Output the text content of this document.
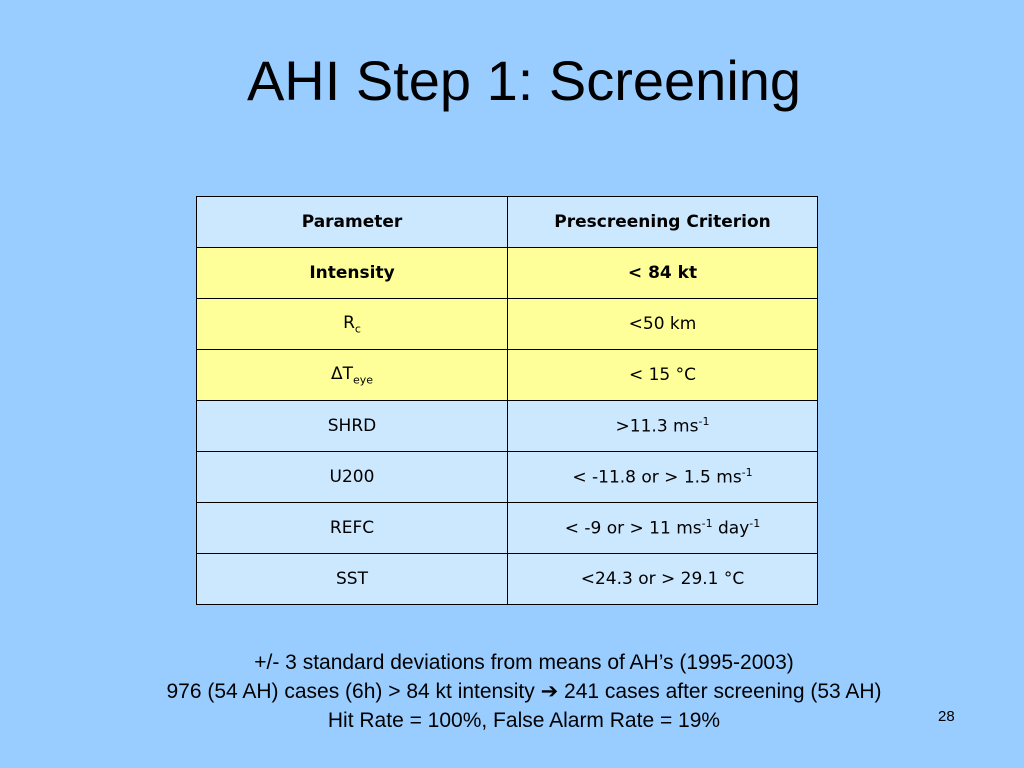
AHI Step 1: Screening
Parameter	Prescreening Criterion
Intensity	< 84 kt
$R_c$	<50 km
$\Delta T_{eye}$	< 15 °C
SHRD	>11.3 $ms^{-1}$
U200	< -11.8 or > 1.5 $ms^{-1}$
REFC	< -9 or > 11 $ms^{-1}$ day$^{-1}$
SST	<24.3 or > 29.1 °C
+/- 3 standard deviations from means of AH’s (1995-2003)
976 (54 AH) cases (6h) > 84 kt intensity ➔ 241 cases after screening (53 AH)
Hit Rate = 100%, False Alarm Rate = 19%	28
